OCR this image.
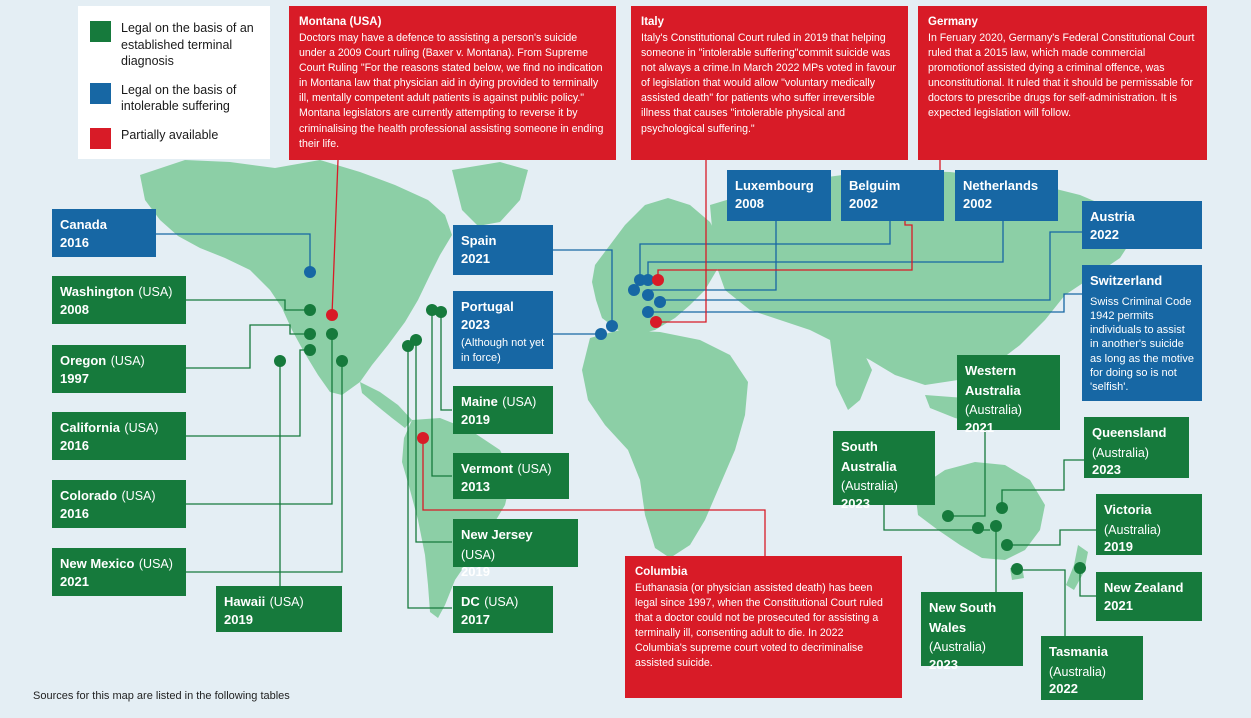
Legal on the basis of an established terminal diagnosis
Legal on the basis of intolerable suffering
Partially available
Montana (USA)
Doctors may have a defence to assisting a person's suicide under a 2009 Court ruling (Baxer v. Montana). From Supreme Court Ruling "For the reasons stated below, we find no indication in Montana law that physician aid in dying provided to terminally ill, mentally competent adult patients is against public policy." Montana legislators are currently attempting to reverse it by criminalising the health professional assisting someone in ending their life.
Italy
Italy's Constitutional Court ruled in 2019 that helping someone in "intolerable suffering"commit suicide was not always a crime.In March 2022 MPs voted in favour of legislation that would allow "voluntary medically assisted death" for patients who suffer irreversible illness that causes "intolerable physical and psychological suffering."
Germany
In Feruary 2020, Germany's Federal Constitutional Court ruled that a 2015 law, which made commercial promotionof assisted dying a criminal offence, was unconstitutional. It ruled that it should be permissable for doctors to prescribe drugs for self-administration. It is expected legislation will follow.
Columbia
Euthanasia (or physician assisted death) has been legal since 1997, when the Constitutional Court ruled that a doctor could not be prosecuted for assisting a terminally ill, consenting adult to die. In 2022 Columbia's supreme court voted to decriminalise assisted suicide.
Canada
2016
Washington (USA)
2008
Oregon (USA)
1997
California (USA)
2016
Colorado (USA)
2016
New Mexico (USA)
2021
Hawaii (USA)
2019
Spain
2021
Portugal
2023
(Although not yet in force)
Maine (USA)
2019
Vermont (USA)
2013
New Jersey (USA)
2019
DC (USA)
2017
Luxembourg
2008
Belguim
2002
Netherlands
2002
Austria
2022
Switzerland
Swiss Criminal Code 1942 permits individuals to assist in another's suicide as long as the motive for doing so is not 'selfish'.
Western Australia (Australia)
2021
South Australia (Australia)
2023
Queensland (Australia)
2023
Victoria (Australia)
2019
New Zealand
2021
New South Wales (Australia)
2023
Tasmania (Australia)
2022
Sources for this map are listed in the following tables
